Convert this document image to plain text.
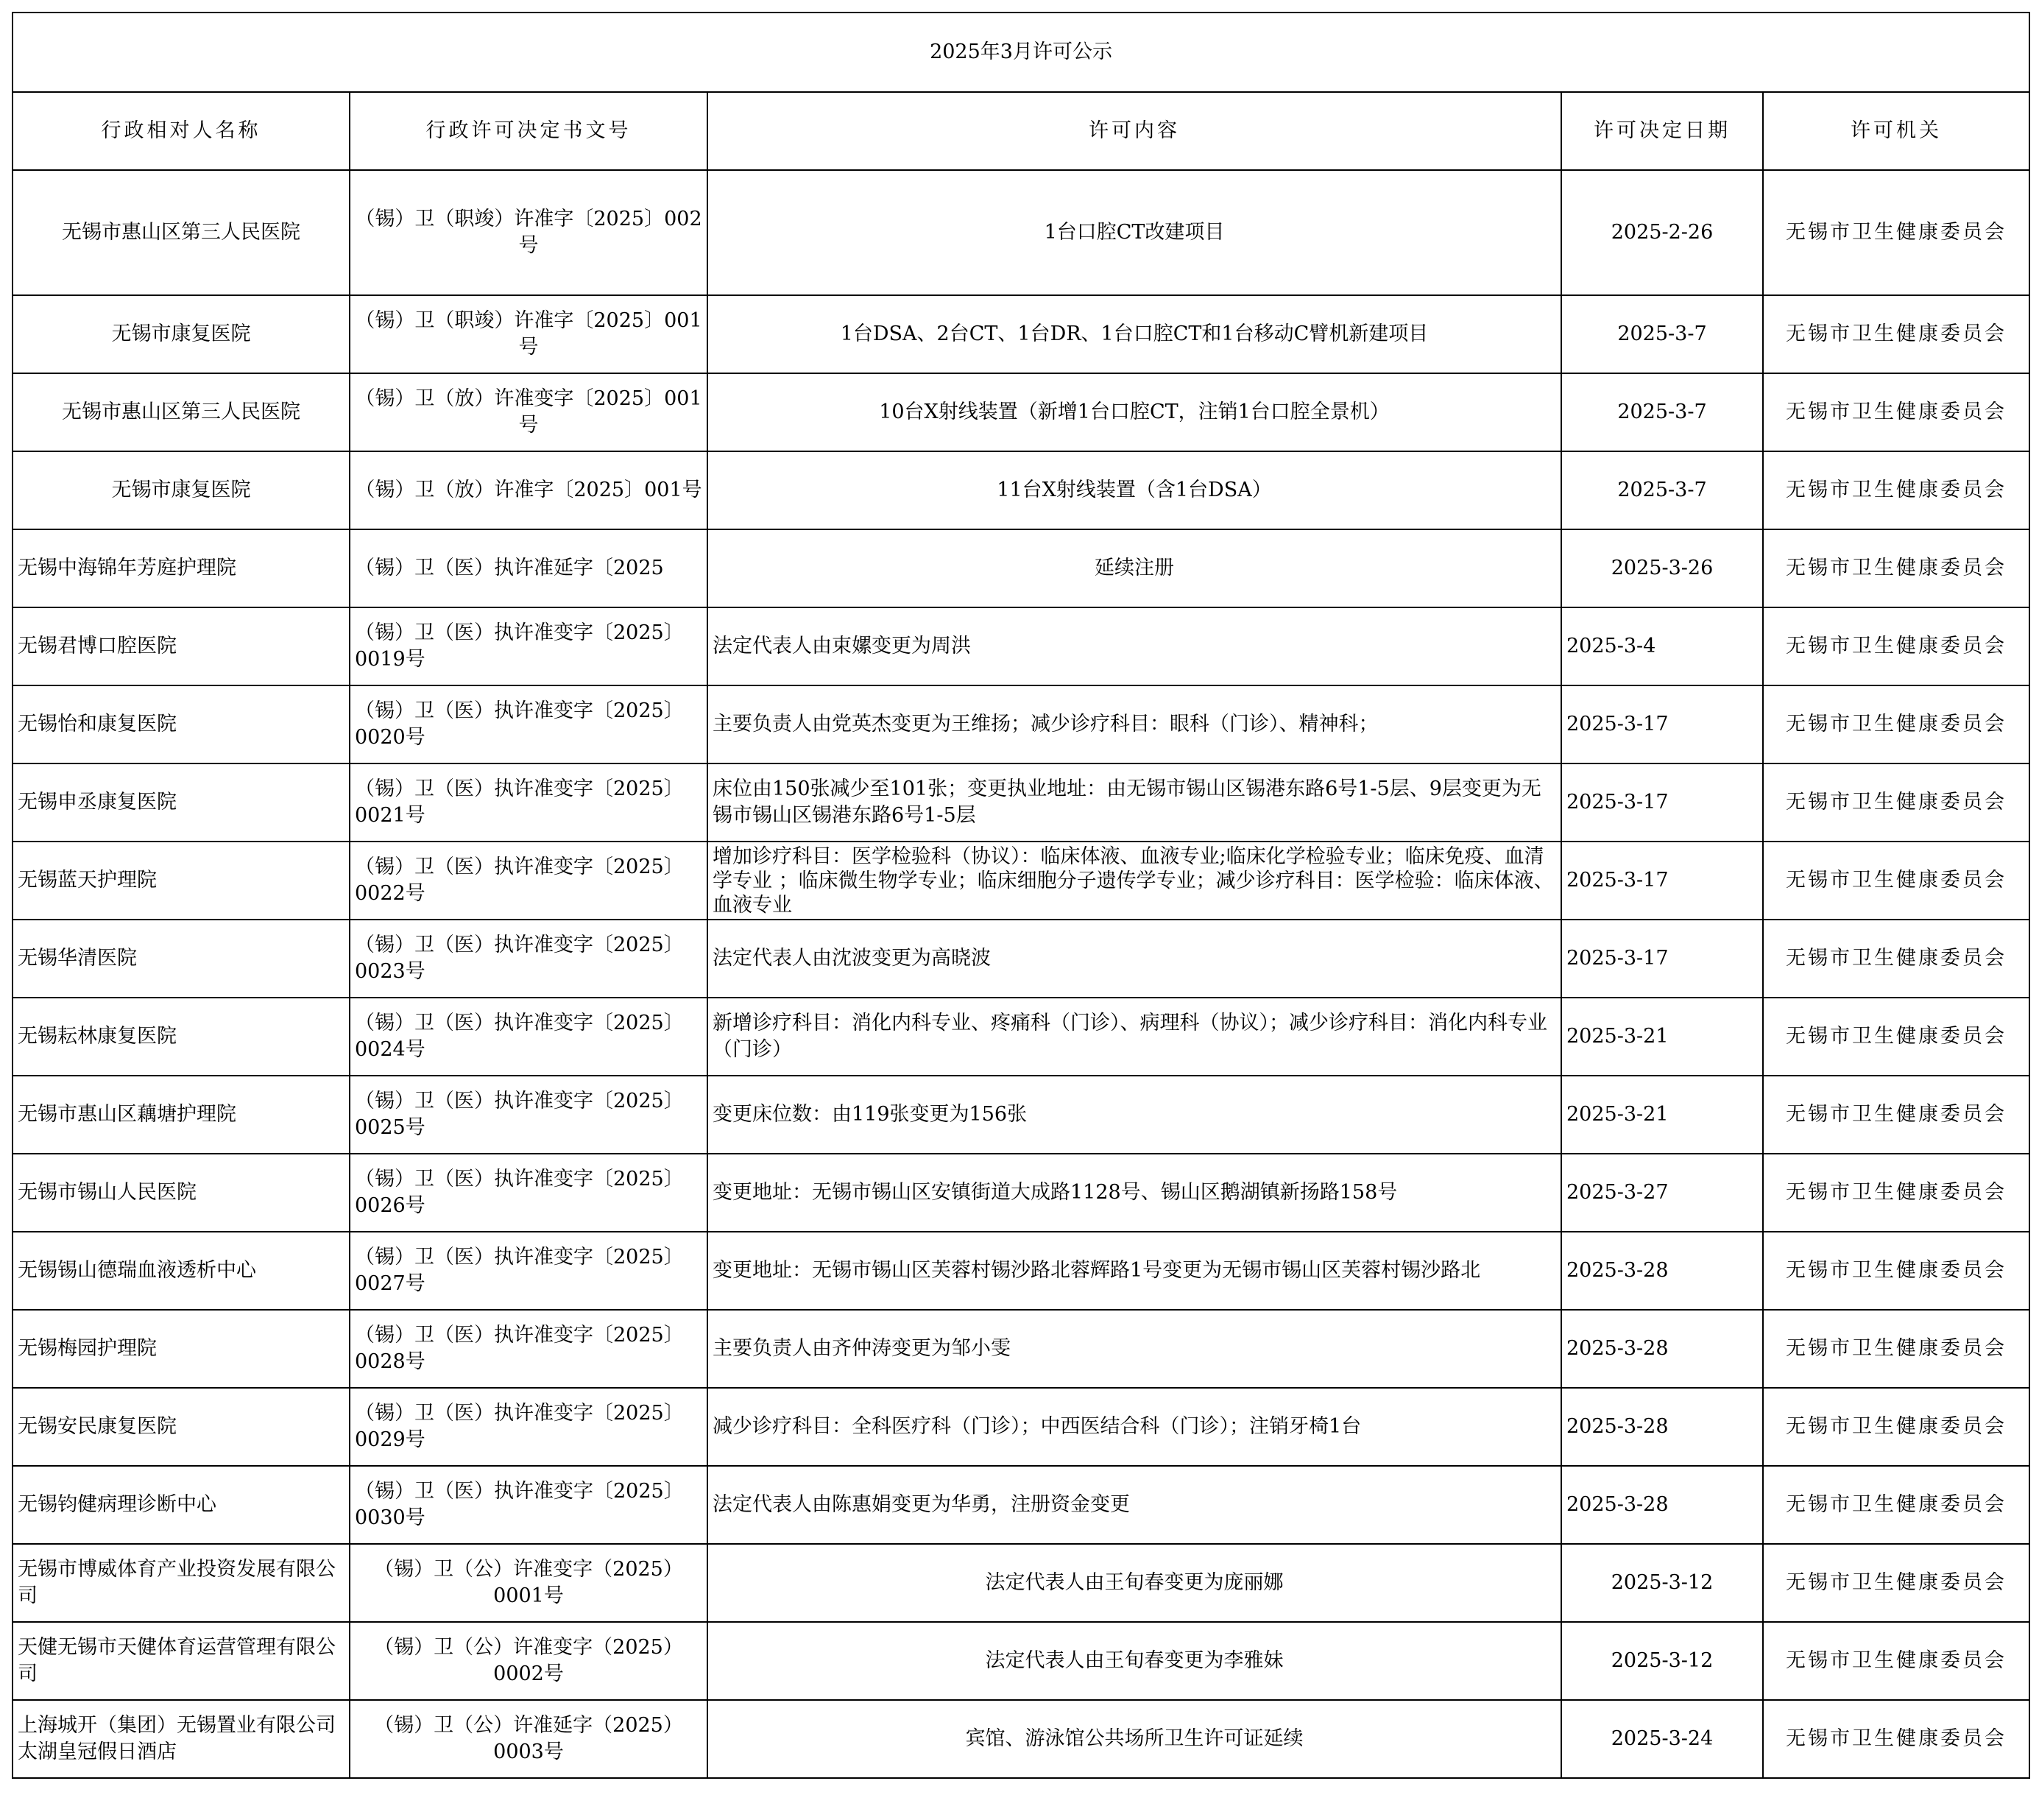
2025年3月许可公示				
行政相对人名称	行政许可决定书文号	许可内容	许可决定日期	许可机关
无锡市惠山区第三人民医院	（锡）卫（职竣）许准字〔2025〕002号	1台口腔CT改建项目	2025-2-26	无锡市卫生健康委员会
无锡市康复医院	（锡）卫（职竣）许准字〔2025〕001号	1台DSA、2台CT、1台DR、1台口腔CT和1台移动C臂机新建项目	2025-3-7	无锡市卫生健康委员会
无锡市惠山区第三人民医院	（锡）卫（放）许准变字〔2025〕001号	10台X射线装置（新增1台口腔CT，注销1台口腔全景机）	2025-3-7	无锡市卫生健康委员会
无锡市康复医院	（锡）卫（放）许准字〔2025〕001号	11台X射线装置（含1台DSA）	2025-3-7	无锡市卫生健康委员会
无锡中海锦年芳庭护理院	（锡）卫（医）执许准延字〔2025	延续注册	2025-3-26	无锡市卫生健康委员会
无锡君博口腔医院	（锡）卫（医）执许准变字〔2025〕0019号	法定代表人由束嫘变更为周洪	2025-3-4	无锡市卫生健康委员会
无锡怡和康复医院	（锡）卫（医）执许准变字〔2025〕0020号	主要负责人由党英杰变更为王维扬；减少诊疗科目：眼科（门诊）、精神科；	2025-3-17	无锡市卫生健康委员会
无锡申丞康复医院	（锡）卫（医）执许准变字〔2025〕0021号	床位由150张减少至101张；变更执业地址：由无锡市锡山区锡港东路6号1-5层、9层变更为无锡市锡山区锡港东路6号1-5层	2025-3-17	无锡市卫生健康委员会
无锡蓝天护理院	（锡）卫（医）执许准变字〔2025〕0022号	增加诊疗科目：医学检验科（协议）：临床体液、血液专业;临床化学检验专业；临床免疫、血清学专业 ；临床微生物学专业；临床细胞分子遗传学专业；减少诊疗科目：医学检验：临床体液、血液专业	2025-3-17	无锡市卫生健康委员会
无锡华清医院	（锡）卫（医）执许准变字〔2025〕0023号	法定代表人由沈波变更为高晓波	2025-3-17	无锡市卫生健康委员会
无锡耘林康复医院	（锡）卫（医）执许准变字〔2025〕0024号	新增诊疗科目：消化内科专业、疼痛科（门诊）、病理科（协议）；减少诊疗科目：消化内科专业（门诊）	2025-3-21	无锡市卫生健康委员会
无锡市惠山区藕塘护理院	（锡）卫（医）执许准变字〔2025〕0025号	变更床位数：由119张变更为156张	2025-3-21	无锡市卫生健康委员会
无锡市锡山人民医院	（锡）卫（医）执许准变字〔2025〕0026号	变更地址：无锡市锡山区安镇街道大成路1128号、锡山区鹅湖镇新扬路158号	2025-3-27	无锡市卫生健康委员会
无锡锡山德瑞血液透析中心	（锡）卫（医）执许准变字〔2025〕0027号	变更地址：无锡市锡山区芙蓉村锡沙路北蓉辉路1号变更为无锡市锡山区芙蓉村锡沙路北	2025-3-28	无锡市卫生健康委员会
无锡梅园护理院	（锡）卫（医）执许准变字〔2025〕0028号	主要负责人由齐仲涛变更为邹小雯	2025-3-28	无锡市卫生健康委员会
无锡安民康复医院	（锡）卫（医）执许准变字〔2025〕0029号	减少诊疗科目：全科医疗科（门诊）；中西医结合科（门诊）；注销牙椅1台	2025-3-28	无锡市卫生健康委员会
无锡钧健病理诊断中心	（锡）卫（医）执许准变字〔2025〕0030号	法定代表人由陈惠娟变更为华勇，注册资金变更	2025-3-28	无锡市卫生健康委员会
无锡市博威体育产业投资发展有限公司	（锡）卫（公）许准变字（2025）0001号	法定代表人由王旬春变更为庞丽娜	2025-3-12	无锡市卫生健康委员会
天健无锡市天健体育运营管理有限公司	（锡）卫（公）许准变字（2025）0002号	法定代表人由王旬春变更为李雅妹	2025-3-12	无锡市卫生健康委员会
上海城开（集团）无锡置业有限公司太湖皇冠假日酒店	（锡）卫（公）许准延字（2025）0003号	宾馆、游泳馆公共场所卫生许可证延续	2025-3-24	无锡市卫生健康委员会
